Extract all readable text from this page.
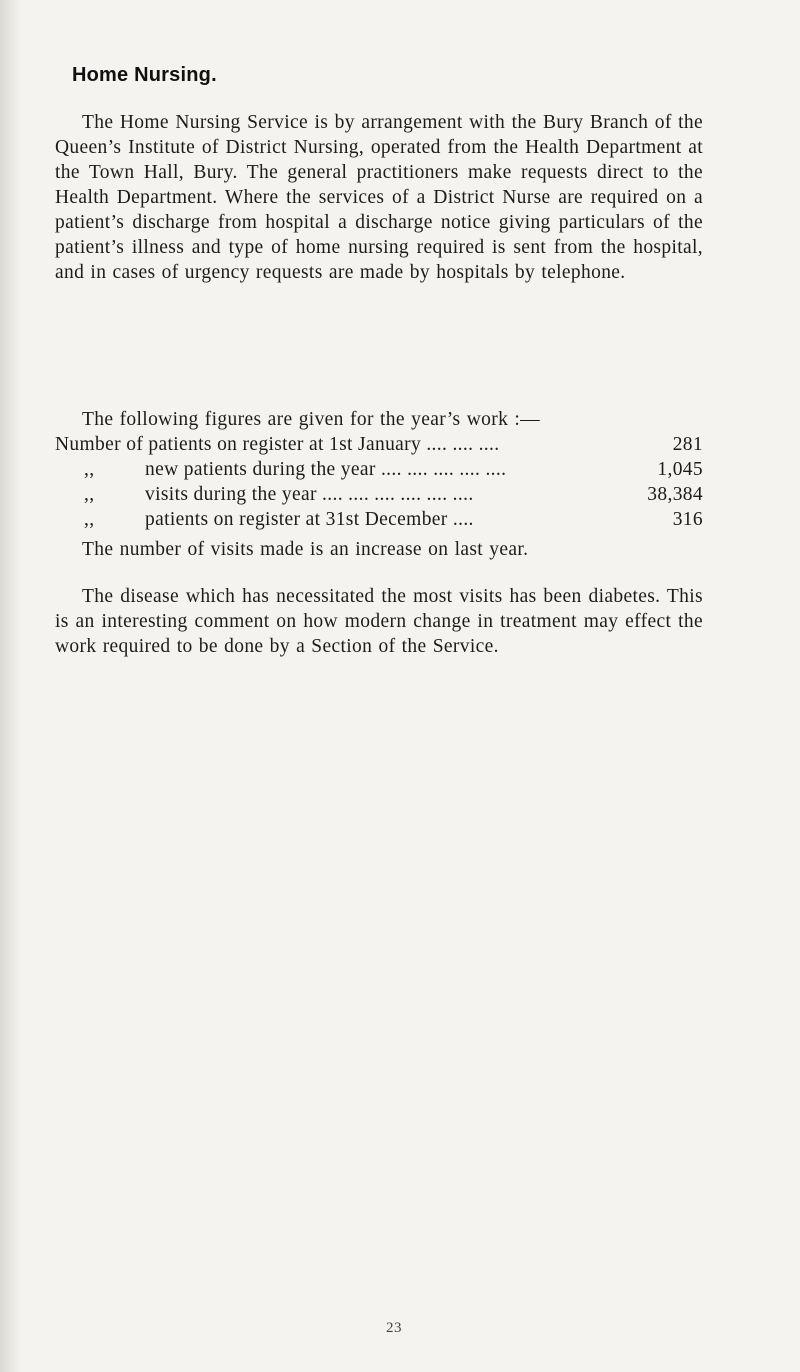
Home Nursing.

The Home Nursing Service is by arrangement with the Bury Branch of the Queen’s Institute of District Nursing, operated from the Health Department at the Town Hall, Bury. The general practitioners make requests direct to the Health Department. Where the services of a District Nurse are required on a patient’s discharge from hospital a discharge notice giving particulars of the patient’s illness and type of home nursing required is sent from the hospital, and in cases of urgency requests are made by hospitals by telephone.

The following figures are given for the year’s work :—

Number of patients on register at 1st January .... .... ....	281
,,	new patients during the year .... .... .... .... ....	1,045
,,	visits during the year .... .... .... .... .... ....	38,384
,,	patients on register at 31st December ....	316

The number of visits made is an increase on last year.

The disease which has necessitated the most visits has been diabetes. This is an interesting comment on how modern change in treatment may effect the work required to be done by a Section of the Service.

23
